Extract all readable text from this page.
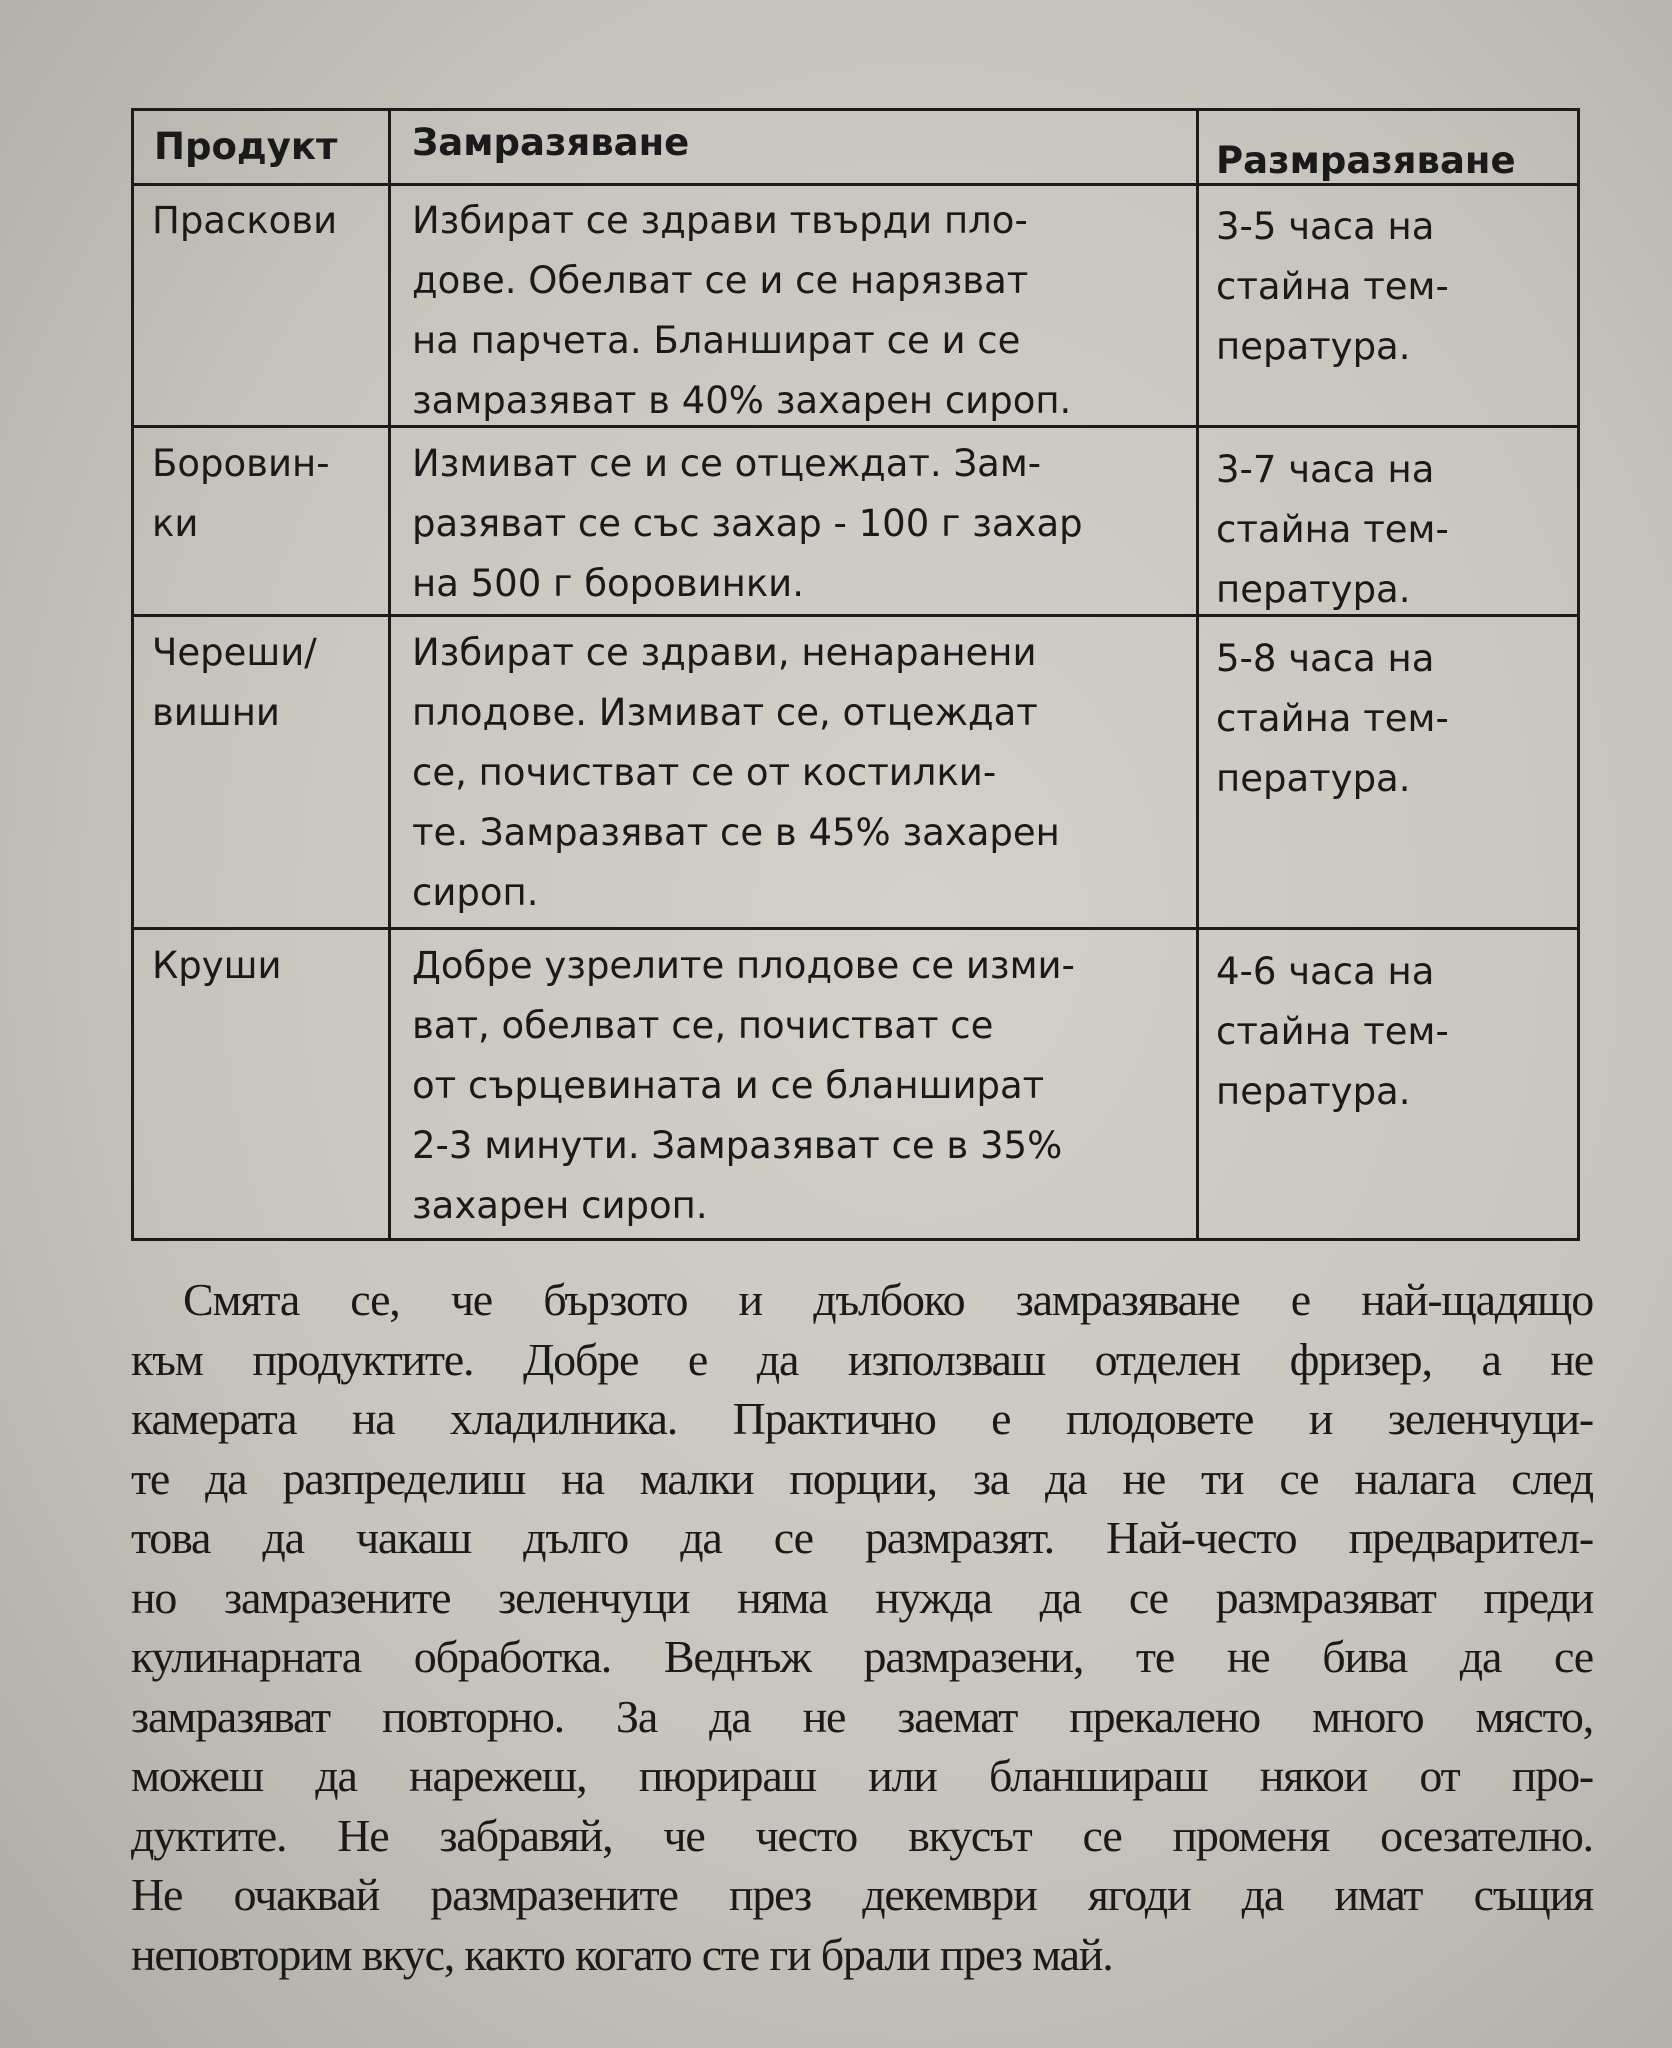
Продукт Замразяване	Размразяване
Праскови Избират се здрави твърди пло-
дове. Обелват се и се нарязват
на парчета. Бланшират се и се
замразяват в 40% захарен сироп.
3-5 часа на
стайна тем-
пература.
Боровин-
ки
Измиват се и се отцеждат. Зам-
разяват се със захар - 100 г захар
на 500 г боровинки.
3-7 часа на
стайна тем-
пература.
Череши/
вишни
Избират се здрави, ненаранени
плодове. Измиват се, отцеждат
се, почистват се от костилки-
те. Замразяват се в 45% захарен
сироп.
5-8 часа на
стайна тем-
пература.
Круши	Добре узрелите плодове се изми-
ват, обелват се, почистват се
от сърцевината и се бланшират
2-3 минути. Замразяват се в 35%
захарен сироп.
4-6 часа на
стайна тем-
пература.
Смята се, че бързото и дълбоко замразяване е най-щадящо
към продуктите. Добре е да използваш отделен фризер, а не
камерата на хладилника. Практично е плодовете и зеленчуци-
те да разпределиш на малки порции, за да не ти се налага след
това да чакаш дълго да се размразят. Най-често предварител-
но замразените зеленчуци няма нужда да се размразяват преди
кулинарната обработка. Веднъж размразени, те не бива да се
замразяват повторно. За да не заемат прекалено много място,
можеш да нарежеш, пюрираш или бланшираш някои от про-
дуктите. Не забравяй, че често вкусът се променя осезателно.
Не очаквай размразените през декември ягоди да имат същия
неповторим вкус, както когато сте ги брали през май.
